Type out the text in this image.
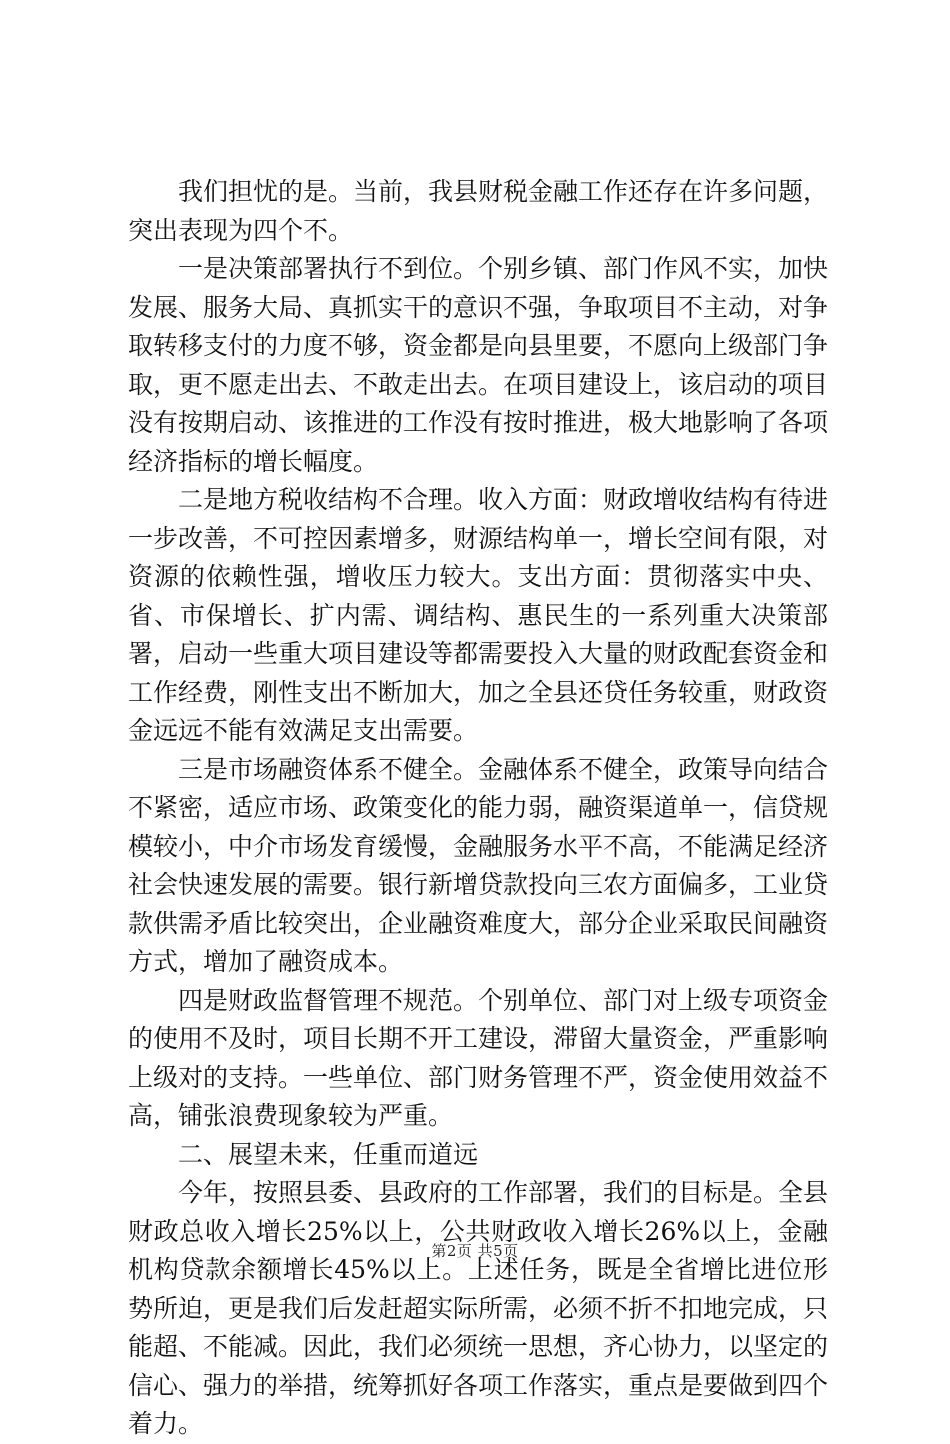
我们担忧的是。当前，我县财税金融工作还存在许多问题，突出表现为四个不。

一是决策部署执行不到位。个别乡镇、部门作风不实，加快发展、服务大局、真抓实干的意识不强，争取项目不主动，对争取转移支付的力度不够，资金都是向县里要，不愿向上级部门争取，更不愿走出去、不敢走出去。在项目建设上，该启动的项目没有按期启动、该推进的工作没有按时推进，极大地影响了各项经济指标的增长幅度。

二是地方税收结构不合理。收入方面：财政增收结构有待进一步改善，不可控因素增多，财源结构单一，增长空间有限，对资源的依赖性强，增收压力较大。支出方面：贯彻落实中央、省、市保增长、扩内需、调结构、惠民生的一系列重大决策部署，启动一些重大项目建设等都需要投入大量的财政配套资金和工作经费，刚性支出不断加大，加之全县还贷任务较重，财政资金远远不能有效满足支出需要。

三是市场融资体系不健全。金融体系不健全，政策导向结合不紧密，适应市场、政策变化的能力弱，融资渠道单一，信贷规模较小，中介市场发育缓慢，金融服务水平不高，不能满足经济社会快速发展的需要。银行新增贷款投向三农方面偏多，工业贷款供需矛盾比较突出，企业融资难度大，部分企业采取民间融资方式，增加了融资成本。

四是财政监督管理不规范。个别单位、部门对上级专项资金的使用不及时，项目长期不开工建设，滞留大量资金，严重影响上级对的支持。一些单位、部门财务管理不严，资金使用效益不高，铺张浪费现象较为严重。

二、展望未来，任重而道远

今年，按照县委、县政府的工作部署，我们的目标是。全县财政总收入增长25%以上，公共财政收入增长26%以上，金融机构贷款余额增长45%以上。上述任务，既是全省增比进位形势所迫，更是我们后发赶超实际所需，必须不折不扣地完成，只能超、不能减。因此，我们必须统一思想，齐心协力，以坚定的信心、强力的举措，统筹抓好各项工作落实，重点是要做到四个着力。

第2页 共5页
